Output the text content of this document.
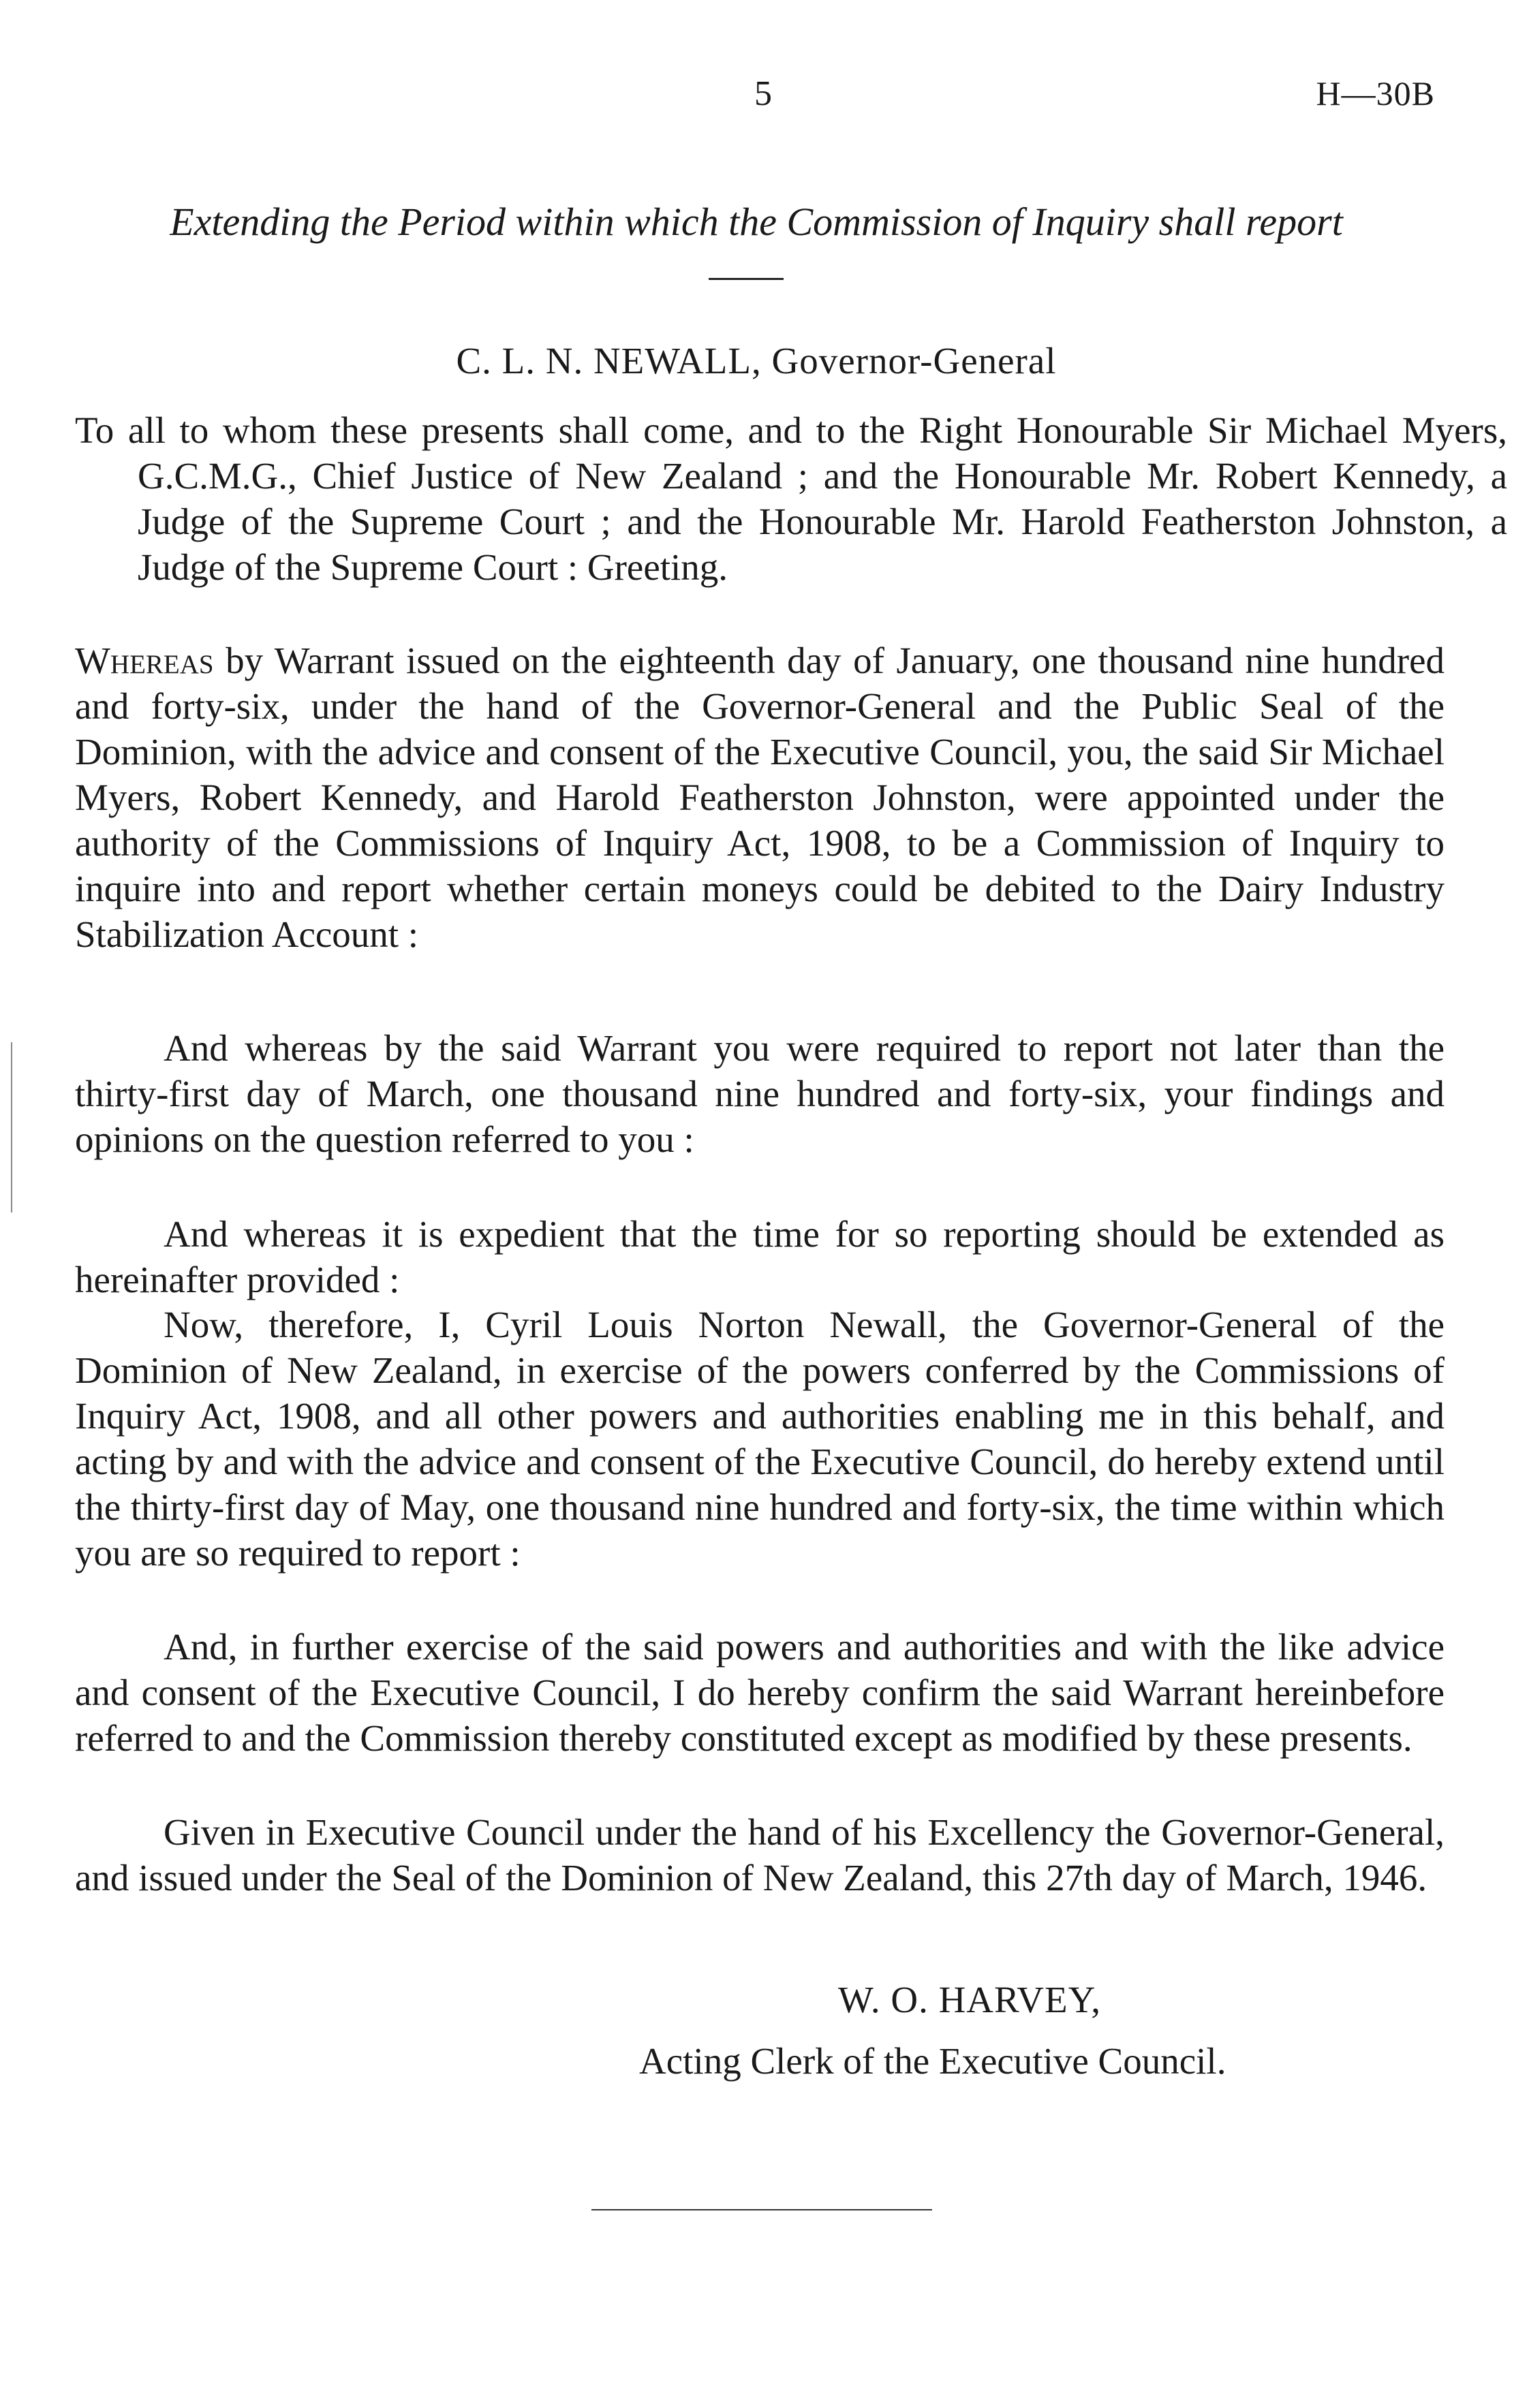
5	H—30B
Extending the Period within which the Commission of Inquiry shall report
C. L. N. NEWALL, Governor-General
To all to whom these presents shall come, and to the Right Honourable Sir Michael Myers, G.C.M.G., Chief Justice of New Zealand ; and the Honourable Mr. Robert Kennedy, a Judge of the Supreme Court ; and the Honourable Mr. Harold Featherston Johnston, a Judge of the Supreme Court : Greeting.
Whereas by Warrant issued on the eighteenth day of January, one thousand nine hundred and forty-six, under the hand of the Governor-General and the Public Seal of the Dominion, with the advice and consent of the Executive Council, you, the said Sir Michael Myers, Robert Kennedy, and Harold Featherston Johnston, were appointed under the authority of the Commissions of Inquiry Act, 1908, to be a Commission of Inquiry to inquire into and report whether certain moneys could be debited to the Dairy Industry Stabilization Account :
And whereas by the said Warrant you were required to report not later than the thirty-first day of March, one thousand nine hundred and forty-six, your findings and opinions on the question referred to you :
And whereas it is expedient that the time for so reporting should be extended as hereinafter provided :
Now, therefore, I, Cyril Louis Norton Newall, the Governor-General of the Dominion of New Zealand, in exercise of the powers conferred by the Commissions of Inquiry Act, 1908, and all other powers and authorities enabling me in this behalf, and acting by and with the advice and consent of the Executive Council, do hereby extend until the thirty-first day of May, one thousand nine hundred and forty-six, the time within which you are so required to report :
And, in further exercise of the said powers and authorities and with the like advice and consent of the Executive Council, I do hereby confirm the said Warrant hereinbefore referred to and the Commission thereby constituted except as modified by these presents.
Given in Executive Council under the hand of his Excellency the Governor-General, and issued under the Seal of the Dominion of New Zealand, this 27th day of March, 1946.
W. O. HARVEY,
Acting Clerk of the Executive Council.
